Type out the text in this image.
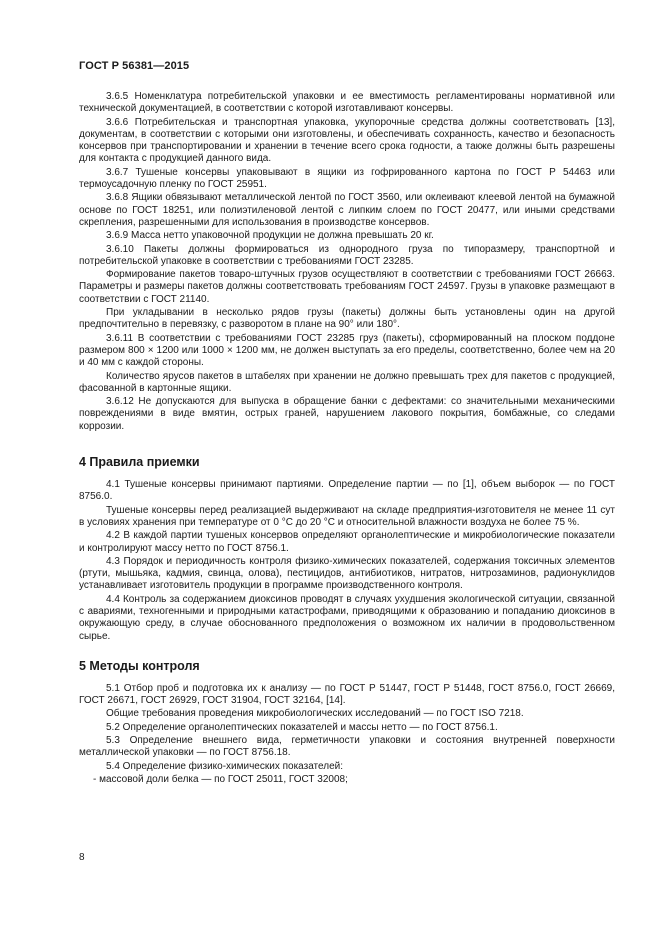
ГОСТ Р 56381—2015

3.6.5 Номенклатура потребительской упаковки и ее вместимость регламентированы нормативной или технической документацией, в соответствии с которой изготавливают консервы.

3.6.6 Потребительская и транспортная упаковка, укупорочные средства должны соответствовать [13], документам, в соответствии с которыми они изготовлены, и обеспечивать сохранность, качество и безопасность консервов при транспортировании и хранении в течение всего срока годности, а также должны быть разрешены для контакта с продукцией данного вида.

3.6.7 Тушеные консервы упаковывают в ящики из гофрированного картона по ГОСТ Р 54463 или термоусадочную пленку по ГОСТ 25951.

3.6.8 Ящики обвязывают металлической лентой по ГОСТ 3560, или оклеивают клеевой лентой на бумажной основе по ГОСТ 18251, или полиэтиленовой лентой с липким слоем по ГОСТ 20477, или иными средствами скрепления, разрешенными для использования в производстве консервов.

3.6.9 Масса нетто упаковочной продукции не должна превышать 20 кг.

3.6.10 Пакеты должны формироваться из однородного груза по типоразмеру, транспортной и потребительской упаковке в соответствии с требованиями ГОСТ 23285.

Формирование пакетов товаро-штучных грузов осуществляют в соответствии с требованиями ГОСТ 26663. Параметры и размеры пакетов должны соответствовать требованиям ГОСТ 24597. Грузы в упаковке размещают в соответствии с ГОСТ 21140.

При укладывании в несколько рядов грузы (пакеты) должны быть установлены один на другой предпочтительно в перевязку, с разворотом в плане на 90° или 180°.

3.6.11 В соответствии с требованиями ГОСТ 23285 груз (пакеты), сформированный на плоском поддоне размером 800 × 1200 или 1000 × 1200 мм, не должен выступать за его пределы, соответственно, более чем на 20 и 40 мм с каждой стороны.

Количество ярусов пакетов в штабелях при хранении не должно превышать трех для пакетов с продукцией, фасованной в картонные ящики.

3.6.12 Не допускаются для выпуска в обращение банки с дефектами: со значительными механическими повреждениями в виде вмятин, острых граней, нарушением лакового покрытия, бомбажные, со следами коррозии.

4 Правила приемки

4.1 Тушеные консервы принимают партиями. Определение партии — по [1], объем выборок — по ГОСТ 8756.0.

Тушеные консервы перед реализацией выдерживают на складе предприятия-изготовителя не менее 11 сут в условиях хранения при температуре от 0 °С до 20 °С и относительной влажности воздуха не более 75 %.

4.2 В каждой партии тушеных консервов определяют органолептические и микробиологические показатели и контролируют массу нетто по ГОСТ 8756.1.

4.3 Порядок и периодичность контроля физико-химических показателей, содержания токсичных элементов (ртути, мышьяка, кадмия, свинца, олова), пестицидов, антибиотиков, нитратов, нитрозаминов, радионуклидов устанавливает изготовитель продукции в программе производственного контроля.

4.4 Контроль за содержанием диоксинов проводят в случаях ухудшения экологической ситуации, связанной с авариями, техногенными и природными катастрофами, приводящими к образованию и попаданию диоксинов в окружающую среду, в случае обоснованного предположения о возможном их наличии в продовольственном сырье.

5 Методы контроля

5.1 Отбор проб и подготовка их к анализу — по ГОСТ Р 51447, ГОСТ Р 51448, ГОСТ 8756.0, ГОСТ 26669, ГОСТ 26671, ГОСТ 26929, ГОСТ 31904, ГОСТ 32164, [14].

Общие требования проведения микробиологических исследований — по ГОСТ ISO 7218.

5.2 Определение органолептических показателей и массы нетто — по ГОСТ 8756.1.

5.3 Определение внешнего вида, герметичности упаковки и состояния внутренней поверхности металлической упаковки — по ГОСТ 8756.18.

5.4 Определение физико-химических показателей:

- массовой доли белка — по ГОСТ 25011, ГОСТ 32008;

8
